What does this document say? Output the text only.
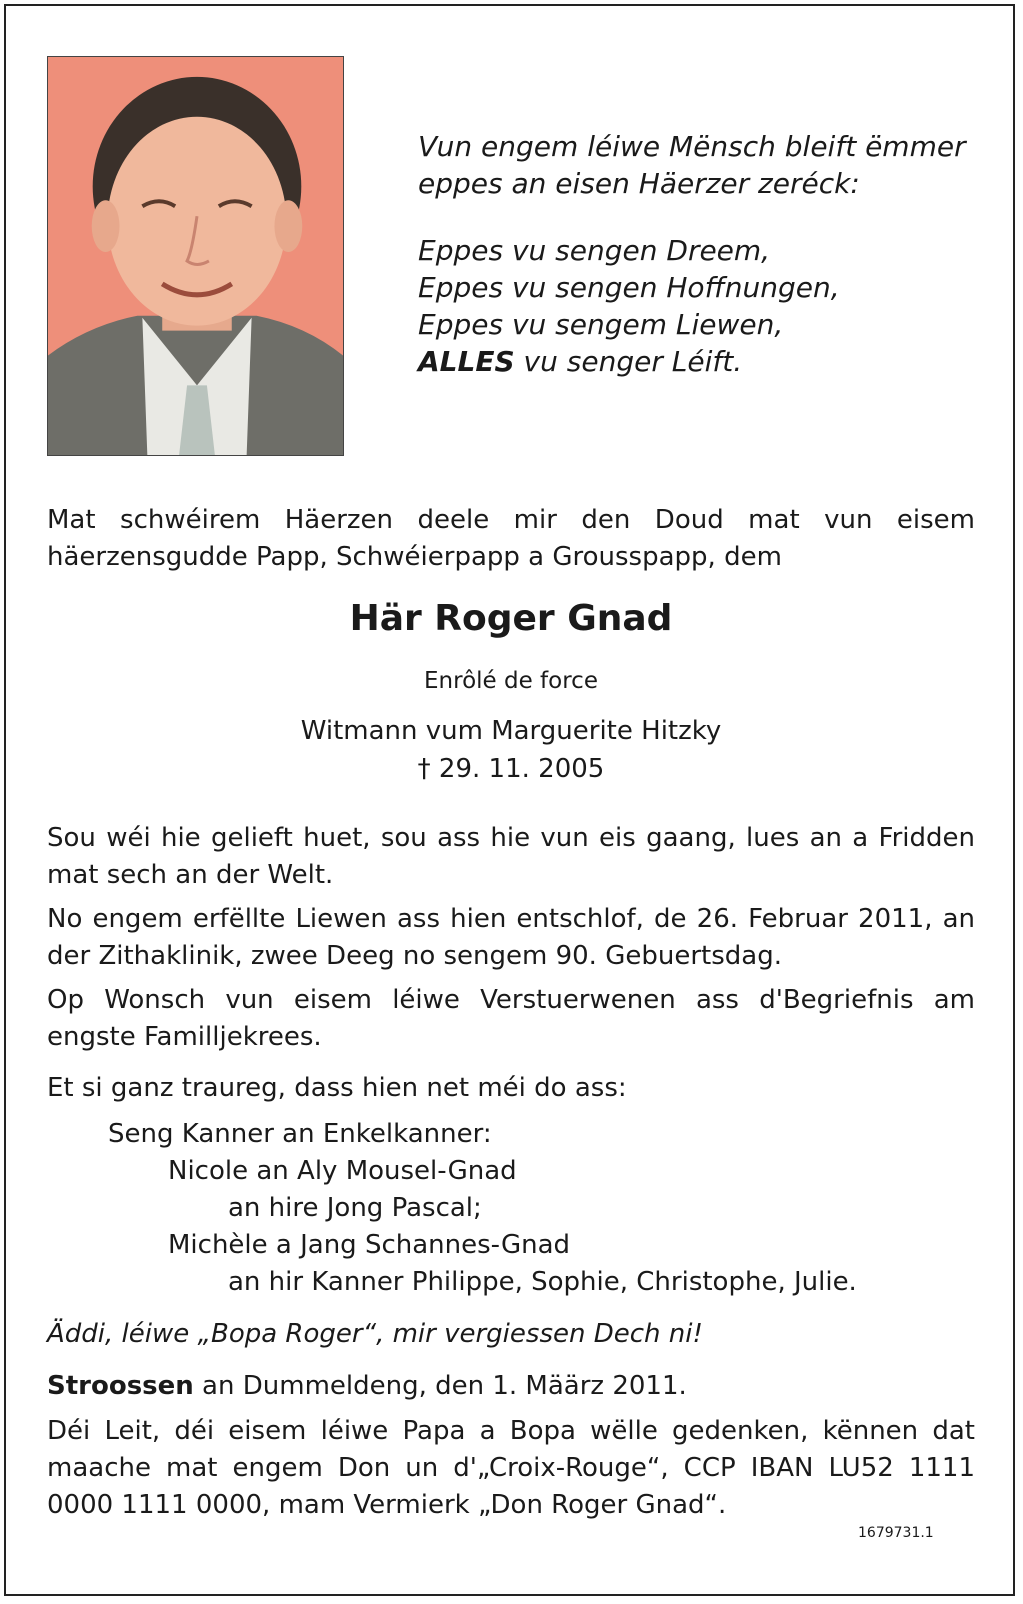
Vun engem léiwe Mënsch bleift ëmmer
eppes an eisen Häerzer zeréck:
Eppes vu sengen Dreem,
Eppes vu sengen Hoffnungen,
Eppes vu sengem Liewen,
ALLES vu senger Léift.
Mat schwéirem Häerzen deele mir den Doud mat vun eisem häerzensgudde Papp, Schwéierpapp a Grousspapp, dem
Här Roger Gnad
Enrôlé de force
Witmann vum Marguerite Hitzky
† 29. 11. 2005
Sou wéi hie gelieft huet, sou ass hie vun eis gaang, lues an a Fridden mat sech an der Welt.
No engem erfëllte Liewen ass hien entschlof, de 26. Februar 2011, an der Zithaklinik, zwee Deeg no sengem 90. Gebuertsdag.
Op Wonsch vun eisem léiwe Verstuerwenen ass d'Begriefnis am engste Familljekrees.
Et si ganz traureg, dass hien net méi do ass:
Seng Kanner an Enkelkanner:
Nicole an Aly Mousel-Gnad
an hire Jong Pascal;
Michèle a Jang Schannes-Gnad
an hir Kanner Philippe, Sophie, Christophe, Julie.
Äddi, léiwe „Bopa Roger“, mir vergiessen Dech ni!
Stroossen an Dummeldeng, den 1. Määrz 2011.
Déi Leit, déi eisem léiwe Papa a Bopa wëlle gedenken, kënnen dat maache mat engem Don un d'„Croix-Rouge“, CCP IBAN LU52 1111 0000 1111 0000, mam Vermierk „Don Roger Gnad“.
1679731.1
